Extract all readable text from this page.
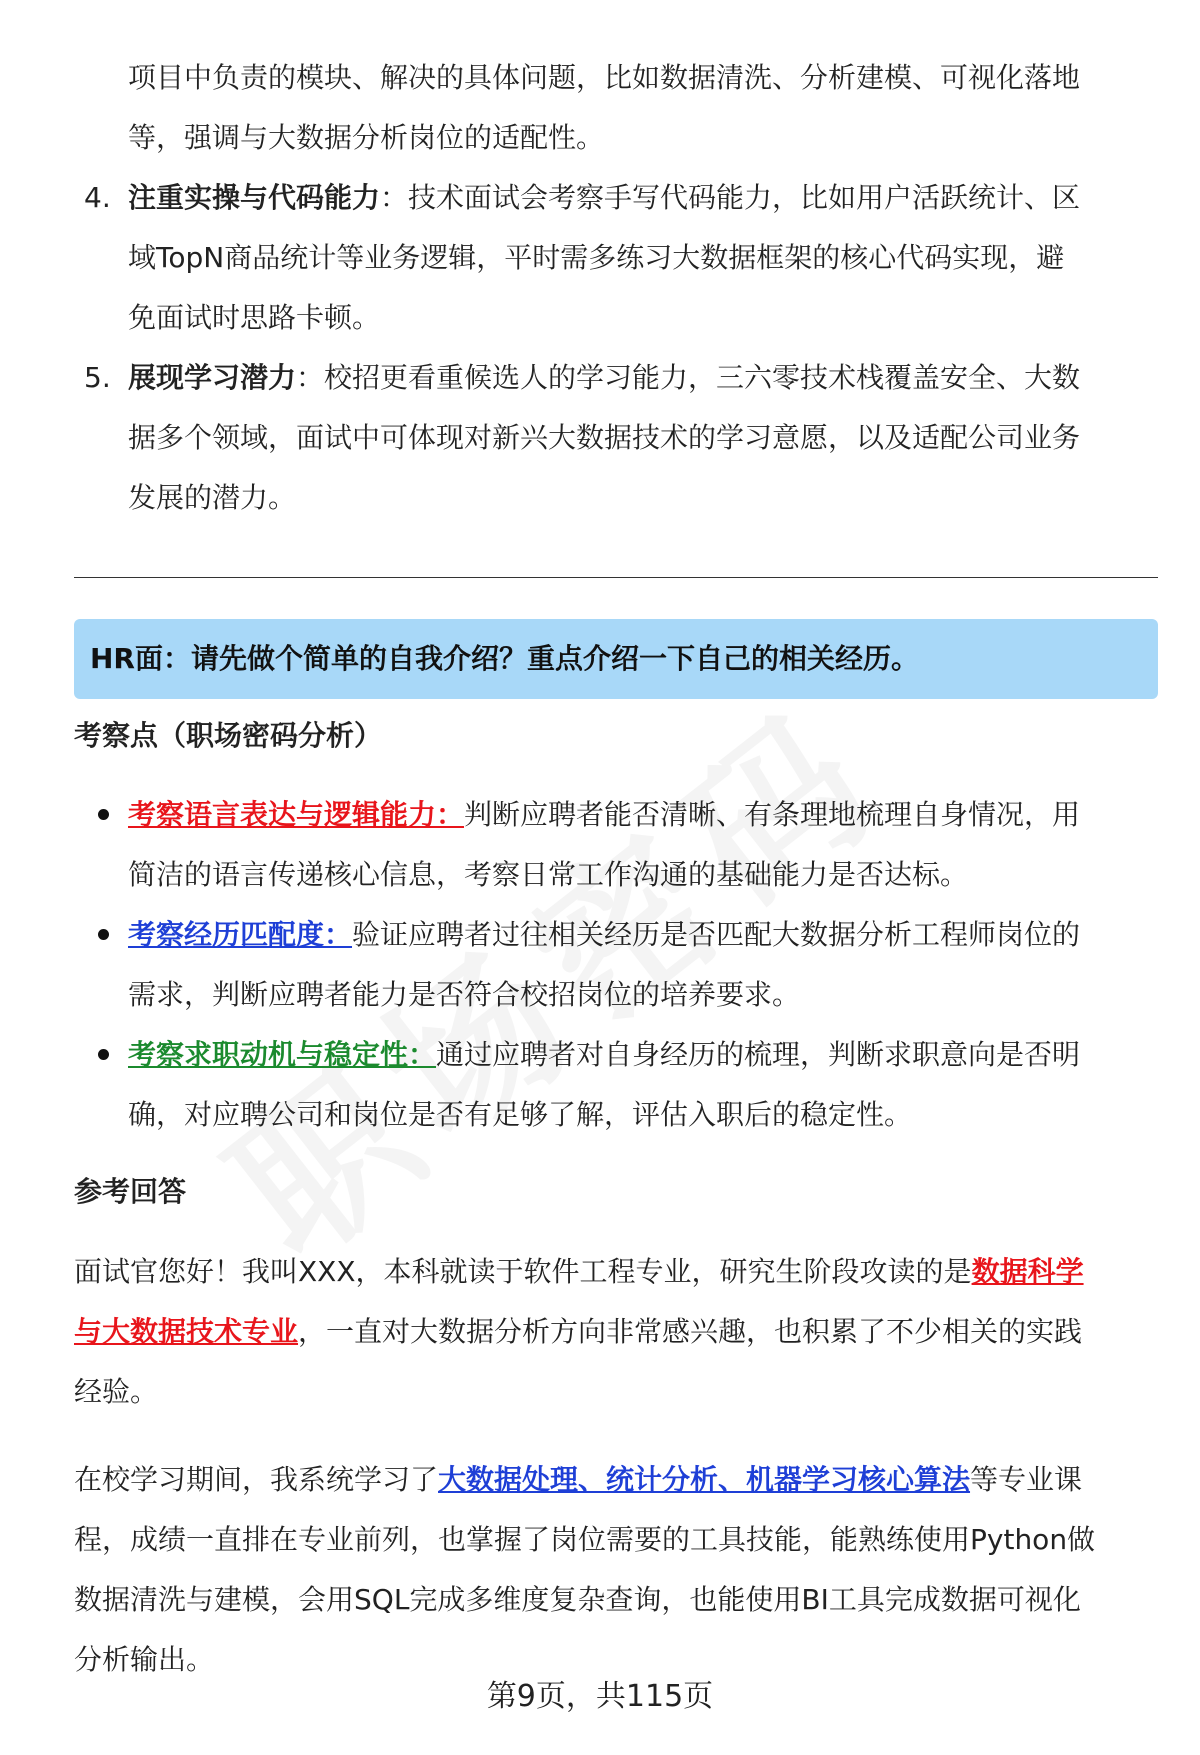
项目中负责的模块、解决的具体问题，比如数据清洗、分析建模、可视化落地
等，强调与大数据分析岗位的适配性。
4. 注重实操与代码能力：技术面试会考察手写代码能力，比如用户活跃统计、区
域TopN商品统计等业务逻辑，平时需多练习大数据框架的核心代码实现，避
免面试时思路卡顿。
5. 展现学习潜力：校招更看重候选人的学习能力，三六零技术栈覆盖安全、大数
据多个领域，面试中可体现对新兴大数据技术的学习意愿，以及适配公司业务
发展的潜力。
HR面：请先做个简单的自我介绍？重点介绍一下自己的相关经历。
考察点（职场密码分析）
考察语言表达与逻辑能力：判断应聘者能否清晰、有条理地梳理自身情况，用
简洁的语言传递核心信息，考察日常工作沟通的基础能力是否达标。
考察经历匹配度：验证应聘者过往相关经历是否匹配大数据分析工程师岗位的
需求，判断应聘者能力是否符合校招岗位的培养要求。
考察求职动机与稳定性：通过应聘者对自身经历的梳理，判断求职意向是否明
确，对应聘公司和岗位是否有足够了解，评估入职后的稳定性。
参考回答
面试官您好！我叫XXX，本科就读于软件工程专业，研究生阶段攻读的是数据科学
与大数据技术专业，一直对大数据分析方向非常感兴趣，也积累了不少相关的实践
经验。
在校学习期间，我系统学习了大数据处理、统计分析、机器学习核心算法等专业课
程，成绩一直排在专业前列，也掌握了岗位需要的工具技能，能熟练使用Python做
数据清洗与建模，会用SQL完成多维度复杂查询，也能使用BI工具完成数据可视化
分析输出。
第9页，共115页
